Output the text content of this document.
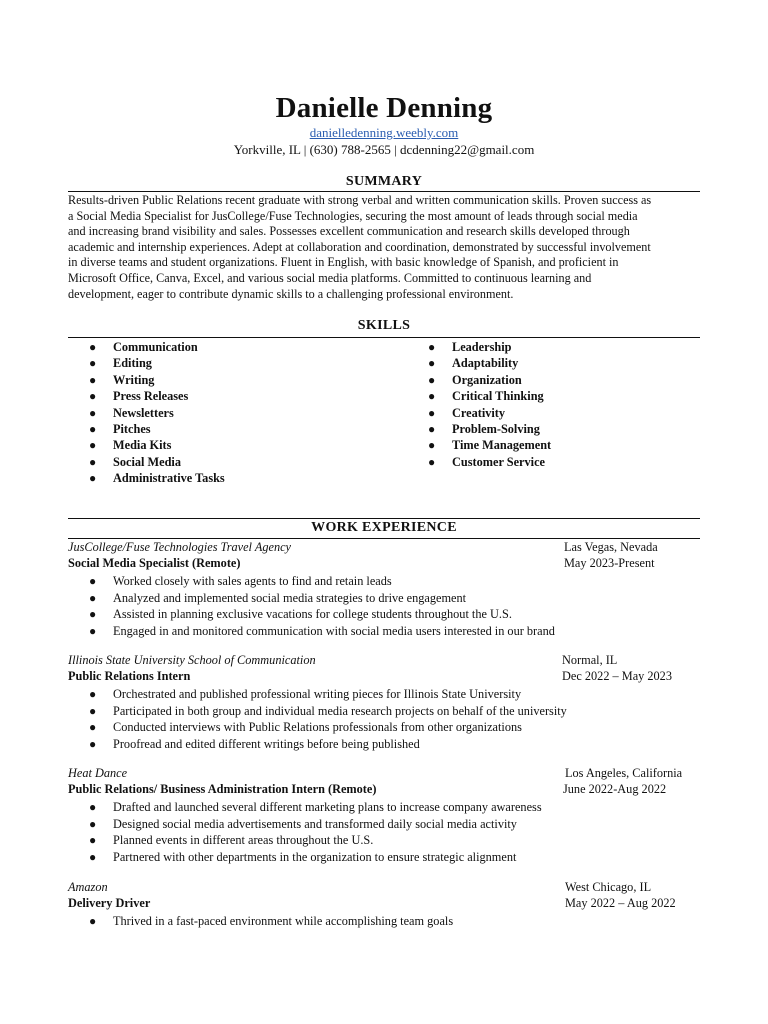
Danielle Denning
danielledenning.weebly.com
Yorkville, IL | (630) 788-2565 | dcdenning22@gmail.com
SUMMARY
Results-driven Public Relations recent graduate with strong verbal and written communication skills. Proven success as
a Social Media Specialist for JusCollege/Fuse Technologies, securing the most amount of leads through social media
and increasing brand visibility and sales. Possesses excellent communication and research skills developed through
academic and internship experiences. Adept at collaboration and coordination, demonstrated by successful involvement
in diverse teams and student organizations. Fluent in English, with basic knowledge of Spanish, and proficient in
Microsoft Office, Canva, Excel, and various social media platforms. Committed to continuous learning and
development, eager to contribute dynamic skills to a challenging professional environment.
SKILLS
● Communication
● Editing
● Writing
● Press Releases
● Newsletters
● Pitches
● Media Kits
● Social Media
● Administrative Tasks
● Leadership
● Adaptability
● Organization
● Critical Thinking
● Creativity
● Problem-Solving
● Time Management
● Customer Service
WORK EXPERIENCE
JusCollege/Fuse Technologies Travel Agency	Las Vegas, Nevada
Social Media Specialist (Remote)	May 2023-Present
● Worked closely with sales agents to find and retain leads
● Analyzed and implemented social media strategies to drive engagement
● Assisted in planning exclusive vacations for college students throughout the U.S.
● Engaged in and monitored communication with social media users interested in our brand
Illinois State University School of Communication	Normal, IL
Public Relations Intern	Dec 2022 – May 2023
● Orchestrated and published professional writing pieces for Illinois State University
● Participated in both group and individual media research projects on behalf of the university
● Conducted interviews with Public Relations professionals from other organizations
● Proofread and edited different writings before being published
Heat Dance	Los Angeles, California
Public Relations/ Business Administration Intern (Remote)	June 2022-Aug 2022
● Drafted and launched several different marketing plans to increase company awareness
● Designed social media advertisements and transformed daily social media activity
● Planned events in different areas throughout the U.S.
● Partnered with other departments in the organization to ensure strategic alignment
Amazon	West Chicago, IL
Delivery Driver	May 2022 – Aug 2022
● Thrived in a fast-paced environment while accomplishing team goals
